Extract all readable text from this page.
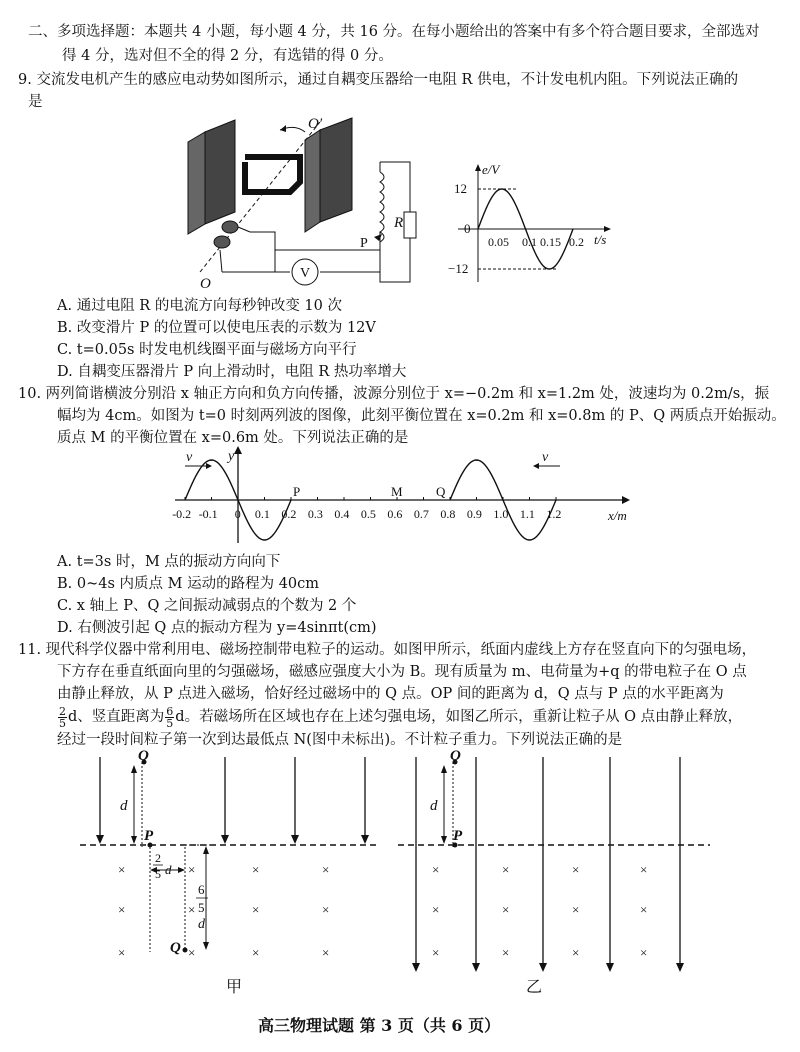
二、多项选择题：本题共 4 小题，每小题 4 分，共 16 分。在每小题给出的答案中有多个符合题目要求，全部选对
得 4 分，选对但不全的得 2 分，有选错的得 0 分。
9. 交流发电机产生的感应电动势如图所示，通过自耦变压器给一电阻 R 供电，不计发电机内阻。下列说法正确的
是
O′
O
V
R
P
e/V
t/s
12
0
−12
0.05 0.1 0.15 0.2
A. 通过电阻 R 的电流方向每秒钟改变 10 次
B. 改变滑片 P 的位置可以使电压表的示数为 12V
C. t=0.05s 时发电机线圈平面与磁场方向平行
D. 自耦变压器滑片 P 向上滑动时，电阻 R 热功率增大
10. 两列简谐横波分别沿 x 轴正方向和负方向传播，波源分别位于 x=−0.2m 和 x=1.2m 处，波速均为 0.2m/s，振
幅均为 4cm。如图为 t=0 时刻两列波的图像，此刻平衡位置在 x=0.2m 和 x=0.8m 的 P、Q 两质点开始振动。
质点 M 的平衡位置在 x=0.6m 处。下列说法正确的是
y
x/m
-0.2 -0.1 0 0.1 0.2 0.3 0.4 0.5 0.6 0.7 0.8 0.9 1.0 1.1 1.2
v	v
P	M	Q
A. t=3s 时，M 点的振动方向向下
B. 0~4s 内质点 M 运动的路程为 40cm
C. x 轴上 P、Q 之间振动减弱点的个数为 2 个
D. 右侧波引起 Q 点的振动方程为 y=4sinπt(cm)
11. 现代科学仪器中常利用电、磁场控制带电粒子的运动。如图甲所示，纸面内虚线上方存在竖直向下的匀强电场，
下方存在垂直纸面向里的匀强磁场，磁感应强度大小为 B。现有质量为 m、电荷量为+q 的带电粒子在 O 点
由静止释放，从 P 点进入磁场，恰好经过磁场中的 Q 点。OP 间的距离为 d，Q 点与 P 点的水平距离为
$\frac{2}{5}$ d、竖直距离为 $\frac{6}{5}$ d。若磁场所在区域也存在上述匀强电场，如图乙所示，重新让粒子从 O 点由静止释放，
经过一段时间粒子第一次到达最低点 N(图中未标出)。不计粒子重力。下列说法正确的是
×	×	×	×
×	×	×	×
×	×	×	×
O
P
d
2
5 d
6
5
d
Q
甲
×	×	×	×
×	×	×	×
×	×	×	×
O
P
d
乙
高三物理试题 第 3 页（共 6 页）
